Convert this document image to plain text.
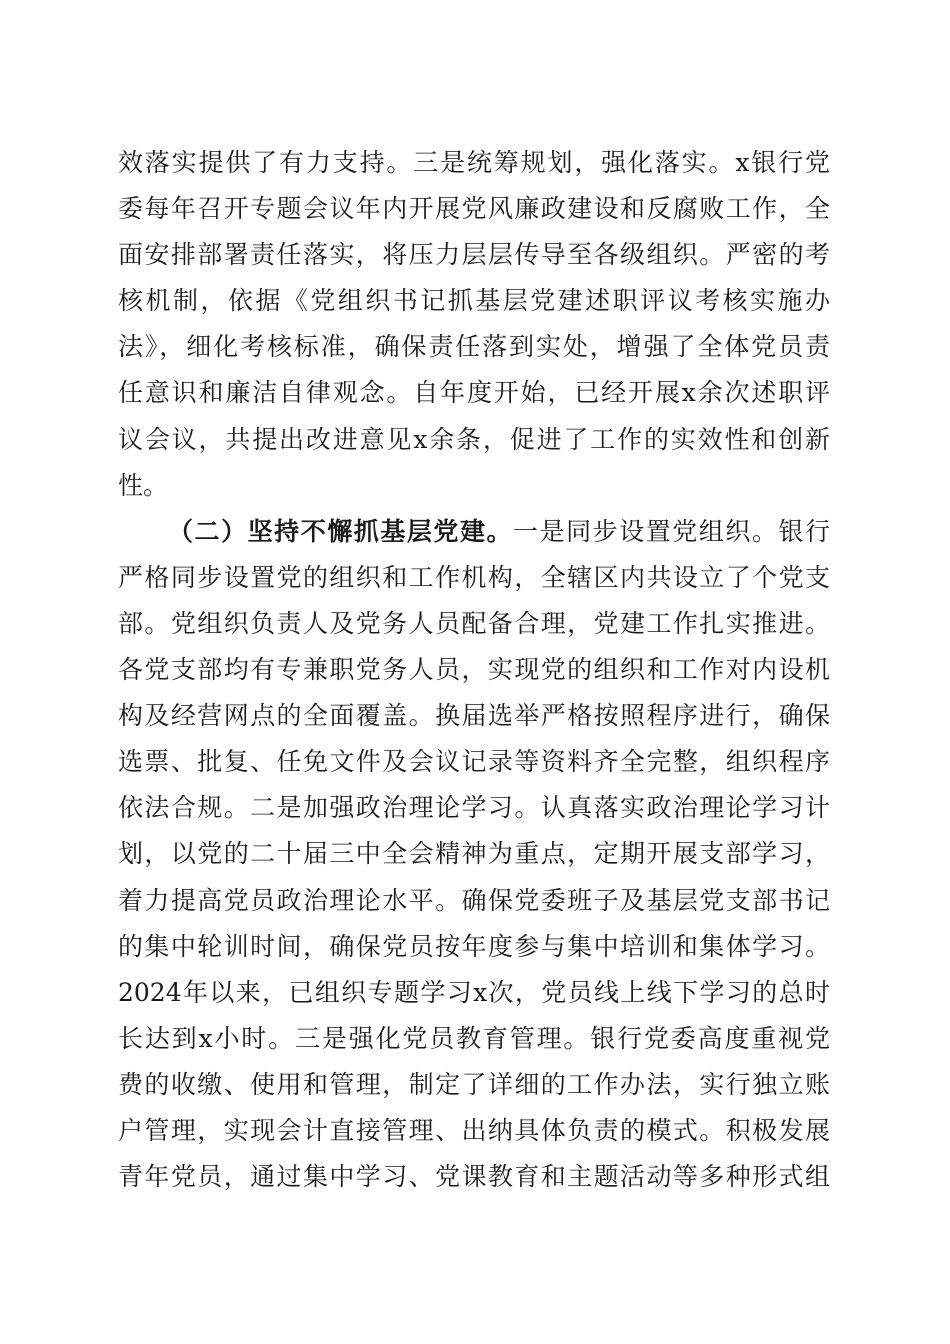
效落实提供了有力支持。三是统筹规划，强化落实。x银行党
委每年召开专题会议年内开展党风廉政建设和反腐败工作，全
面安排部署责任落实，将压力层层传导至各级组织。严密的考
核机制，依据《党组织书记抓基层党建述职评议考核实施办
法》，细化考核标准，确保责任落到实处，增强了全体党员责
任意识和廉洁自律观念。自年度开始，已经开展x余次述职评
议会议，共提出改进意见x余条，促进了工作的实效性和创新
性。
（二）坚持不懈抓基层党建。一是同步设置党组织。银行
严格同步设置党的组织和工作机构，全辖区内共设立了个党支
部。党组织负责人及党务人员配备合理，党建工作扎实推进。
各党支部均有专兼职党务人员，实现党的组织和工作对内设机
构及经营网点的全面覆盖。换届选举严格按照程序进行，确保
选票、批复、任免文件及会议记录等资料齐全完整，组织程序
依法合规。二是加强政治理论学习。认真落实政治理论学习计
划，以党的二十届三中全会精神为重点，定期开展支部学习，
着力提高党员政治理论水平。确保党委班子及基层党支部书记
的集中轮训时间，确保党员按年度参与集中培训和集体学习。
2024年以来，已组织专题学习x次，党员线上线下学习的总时
长达到x小时。三是强化党员教育管理。银行党委高度重视党
费的收缴、使用和管理，制定了详细的工作办法，实行独立账
户管理，实现会计直接管理、出纳具体负责的模式。积极发展
青年党员，通过集中学习、党课教育和主题活动等多种形式组
